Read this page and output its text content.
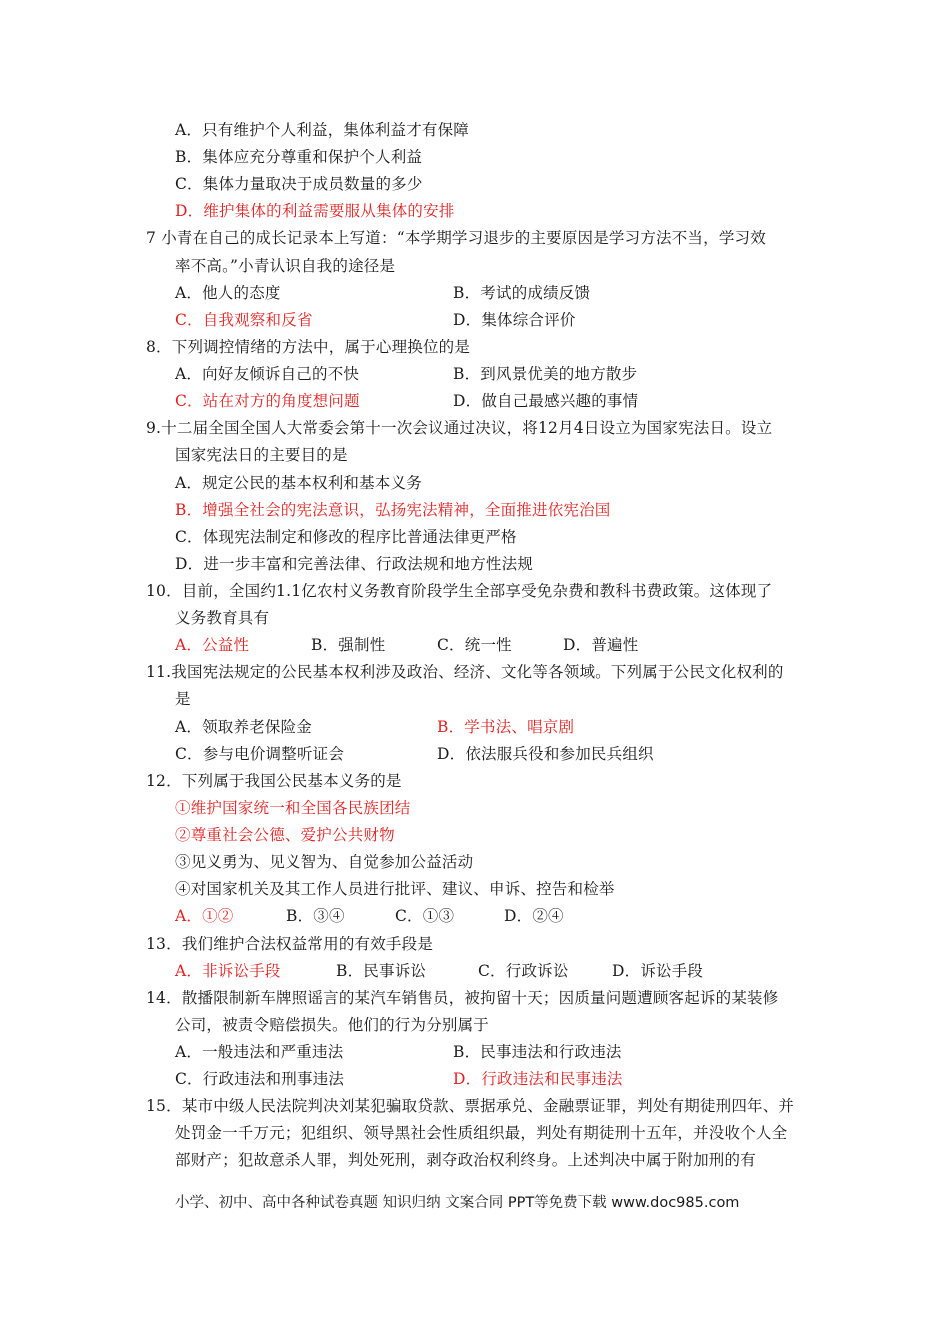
A．只有维护个人利益，集体利益才有保障
B．集体应充分尊重和保护个人利益
C．集体力量取决于成员数量的多少
D．维护集体的利益需要服从集体的安排
7 小青在自己的成长记录本上写道：“本学期学习退步的主要原因是学习方法不当，学习效
率不高。”小青认识自我的途径是
A．他人的态度	B．考试的成绩反馈
C．自我观察和反省	D．集体综合评价
8．下列调控情绪的方法中，属于心理换位的是
A．向好友倾诉自己的不快	B．到风景优美的地方散步
C．站在对方的角度想问题	D．做自己最感兴趣的事情
9.十二届全国全国人大常委会第十一次会议通过决议，将12月4日设立为国家宪法日。设立
国家宪法日的主要目的是
A．规定公民的基本权利和基本义务
B．增强全社会的宪法意识，弘扬宪法精神，全面推进依宪治国
C．体现宪法制定和修改的程序比普通法律更严格
D．进一步丰富和完善法律、行政法规和地方性法规
10．目前，全国约1.1亿农村义务教育阶段学生全部享受免杂费和教科书费政策。这体现了
义务教育具有
A．公益性	B．强制性	C．统一性	D．普遍性
11.我国宪法规定的公民基本权利涉及政治、经济、文化等各领域。下列属于公民文化权利的
是
A．领取养老保险金	B．学书法、唱京剧
C．参与电价调整听证会	D．依法服兵役和参加民兵组织
12．下列属于我国公民基本义务的是
①维护国家统一和全国各民族团结
②尊重社会公德、爱护公共财物
③见义勇为、见义智为、自觉参加公益活动
④对国家机关及其工作人员进行批评、建议、申诉、控告和检举
A．①②	B．③④	C．①③	D．②④
13．我们维护合法权益常用的有效手段是
A．非诉讼手段	B．民事诉讼	C．行政诉讼	D．诉讼手段
14．散播限制新车牌照谣言的某汽车销售员，被拘留十天；因质量问题遭顾客起诉的某装修
公司，被责令赔偿损失。他们的行为分别属于
A．一般违法和严重违法	B．民事违法和行政违法
C．行政违法和刑事违法	D．行政违法和民事违法
15．某市中级人民法院判决刘某犯骗取贷款、票据承兑、金融票证罪，判处有期徒刑四年、并
处罚金一千万元；犯组织、领导黑社会性质组织最，判处有期徒刑十五年，并没收个人全
部财产；犯故意杀人罪，判处死刑，剥夺政治权利终身。上述判决中属于附加刑的有
小学、初中、高中各种试卷真题 知识归纳 文案合同 PPT等免费下载 www.doc985.com
